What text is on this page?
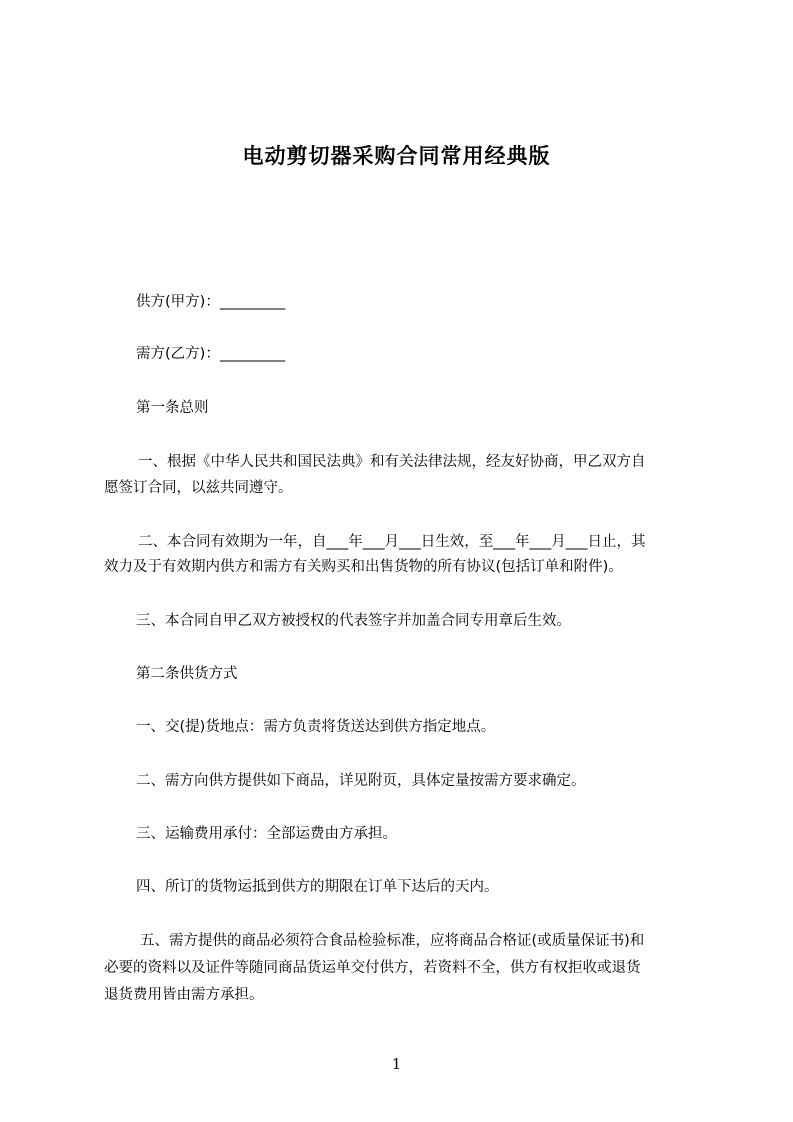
电动剪切器采购合同常用经典版
供方(甲方)：_________
需方(乙方)：_________
第一条总则
一、根据《中华人民共和国民法典》和有关法律法规，经友好协商，甲乙双方自
愿签订合同，以兹共同遵守。
二、本合同有效期为一年，自___年___月___日生效，至___年___月___日止，其
效力及于有效期内供方和需方有关购买和出售货物的所有协议(包括订单和附件)。
三、本合同自甲乙双方被授权的代表签字并加盖合同专用章后生效。
第二条供货方式
一、交(提)货地点：需方负责将货送达到供方指定地点。
二、需方向供方提供如下商品，详见附页，具体定量按需方要求确定。
三、运输费用承付：全部运费由方承担。
四、所订的货物运抵到供方的期限在订单下达后的天内。
五、需方提供的商品必须符合食品检验标准，应将商品合格证(或质量保证书)和
必要的资料以及证件等随同商品货运单交付供方，若资料不全，供方有权拒收或退货
退货费用皆由需方承担。
1
